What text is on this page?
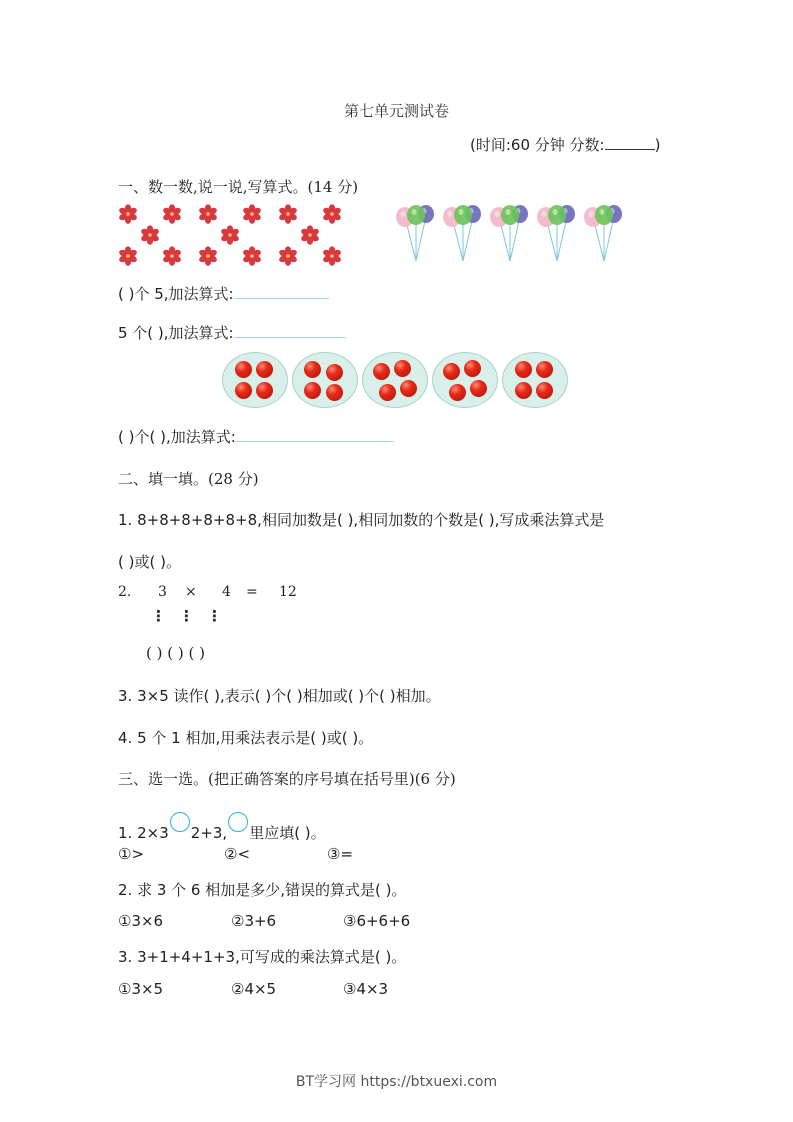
第七单元测试卷
(时间:60 分钟 分数:	)
一、数一数,说一说,写算式。(14 分)
( )个 5,加法算式:
5 个( ),加法算式:
( )个( ),加法算式:
二、填一填。(28 分)
1. 8+8+8+8+8+8,相同加数是( ),相同加数的个数是( ),写成乘法算式是
( )或( )。
2. 3 × 4 = 12
⋮ ⋮ ⋮
( ) ( ) ( )
3. 3×5 读作( ),表示( )个( )相加或( )个( )相加。
4. 5 个 1 相加,用乘法表示是( )或( )。
三、选一选。(把正确答案的序号填在括号里)(6 分)
1. 2×3 2+3, 里应填( )。
①>	②<	③=
2. 求 3 个 6 相加是多少,错误的算式是( )。
①3×6	②3+6	③6+6+6
3. 3+1+4+1+3,可写成的乘法算式是( )。
①3×5	②4×5	③4×3
BT学习网 https://btxuexi.com
